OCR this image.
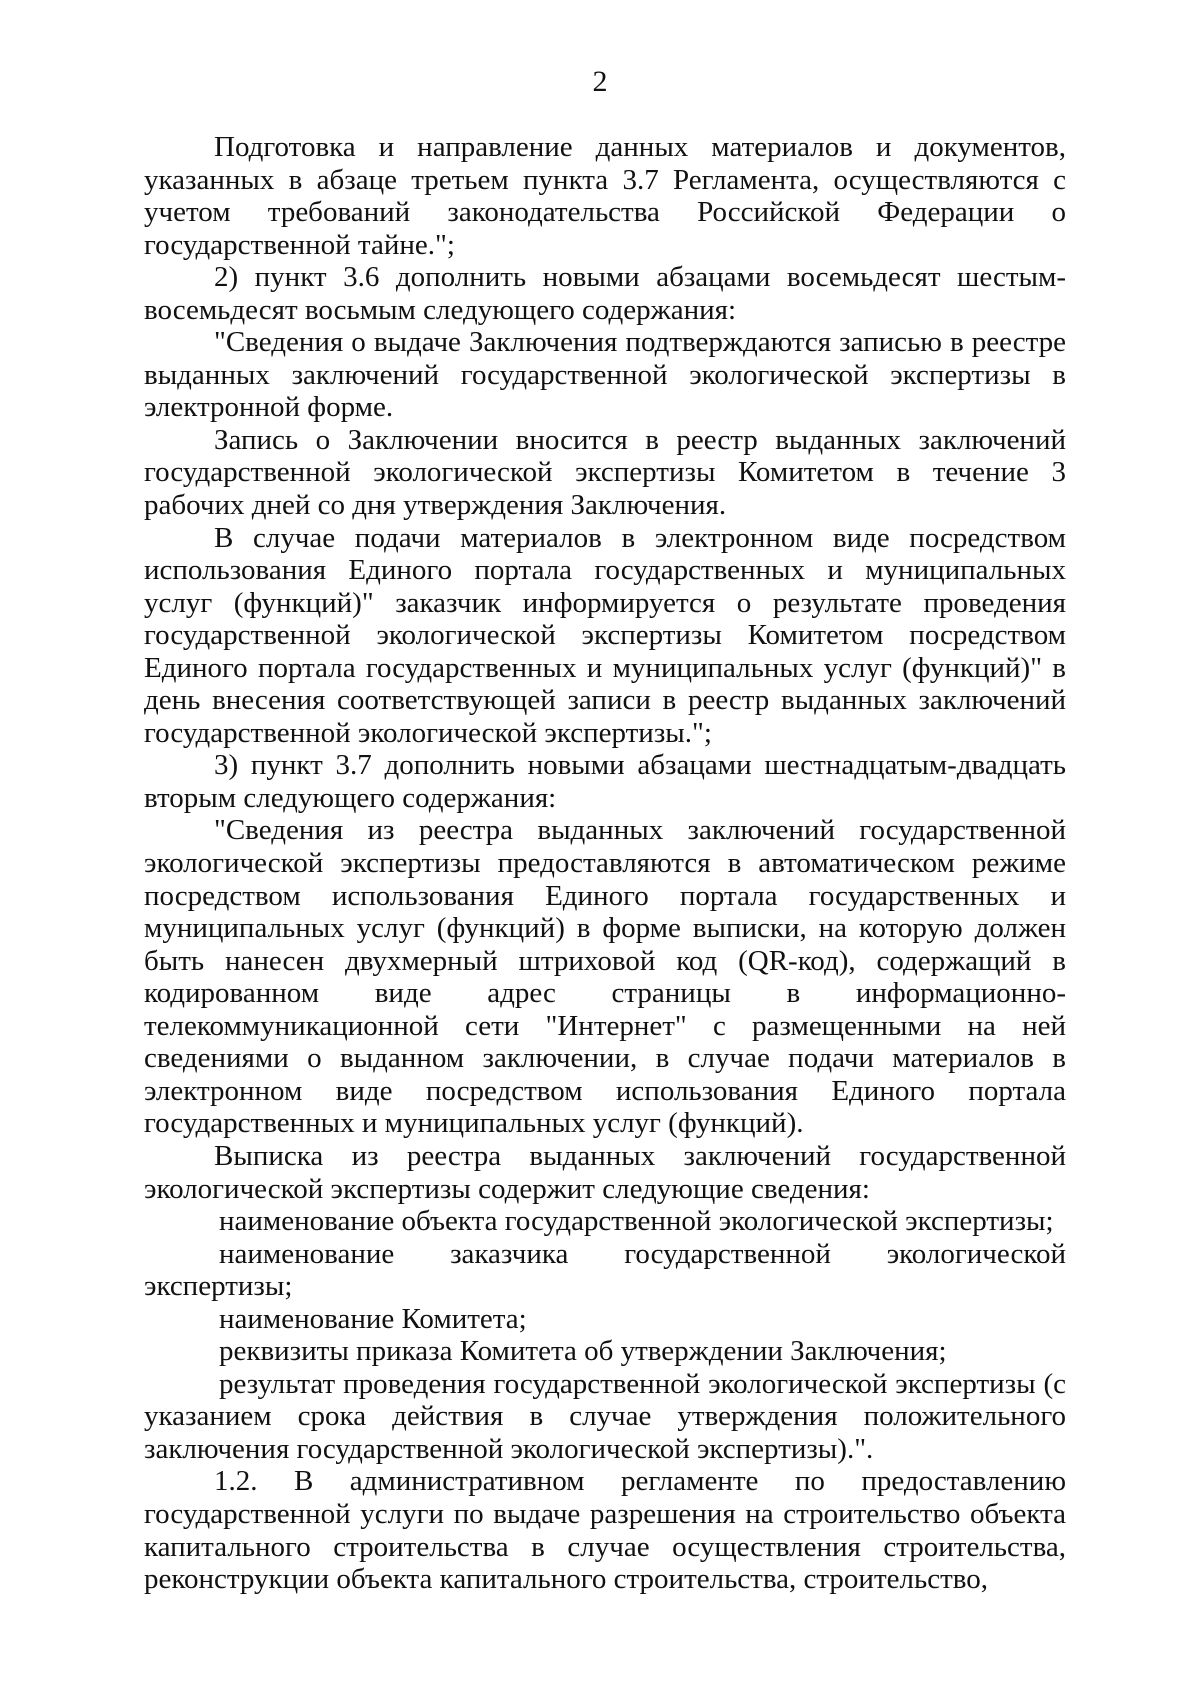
2

Подготовка и направление данных материалов и документов, указанных в абзаце третьем пункта 3.7 Регламента, осуществляются с учетом требований законодательства Российской Федерации о государственной тайне.";

2) пункт 3.6 дополнить новыми абзацами восемьдесят шестым-восемьдесят восьмым следующего содержания:

"Сведения о выдаче Заключения подтверждаются записью в реестре выданных заключений государственной экологической экспертизы в электронной форме.

Запись о Заключении вносится в реестр выданных заключений государственной экологической экспертизы Комитетом в течение 3 рабочих дней со дня утверждения Заключения.

В случае подачи материалов в электронном виде посредством использования Единого портала государственных и муниципальных услуг (функций)" заказчик информируется о результате проведения государственной экологической экспертизы Комитетом посредством Единого портала государственных и муниципальных услуг (функций)" в день внесения соответствующей записи в реестр выданных заключений государственной экологической экспертизы.";

3) пункт 3.7 дополнить новыми абзацами шестнадцатым-двадцать вторым следующего содержания:

"Сведения из реестра выданных заключений государственной экологической экспертизы предоставляются в автоматическом режиме посредством использования Единого портала государственных и муниципальных услуг (функций) в форме выписки, на которую должен быть нанесен двухмерный штриховой код (QR-код), содержащий в кодированном виде адрес страницы в информационно-телекоммуникационной сети "Интернет" с размещенными на ней сведениями о выданном заключении, в случае подачи материалов в электронном виде посредством использования Единого портала государственных и муниципальных услуг (функций).

Выписка из реестра выданных заключений государственной экологической экспертизы содержит следующие сведения:

наименование объекта государственной экологической экспертизы;

наименование заказчика государственной экологической экспертизы;

наименование Комитета;

реквизиты приказа Комитета об утверждении Заключения;

результат проведения государственной экологической экспертизы (с указанием срока действия в случае утверждения положительного заключения государственной экологической экспертизы).".

1.2. В административном регламенте по предоставлению государственной услуги по выдаче разрешения на строительство объекта капитального строительства в случае осуществления строительства, реконструкции объекта капитального строительства, строительство,
